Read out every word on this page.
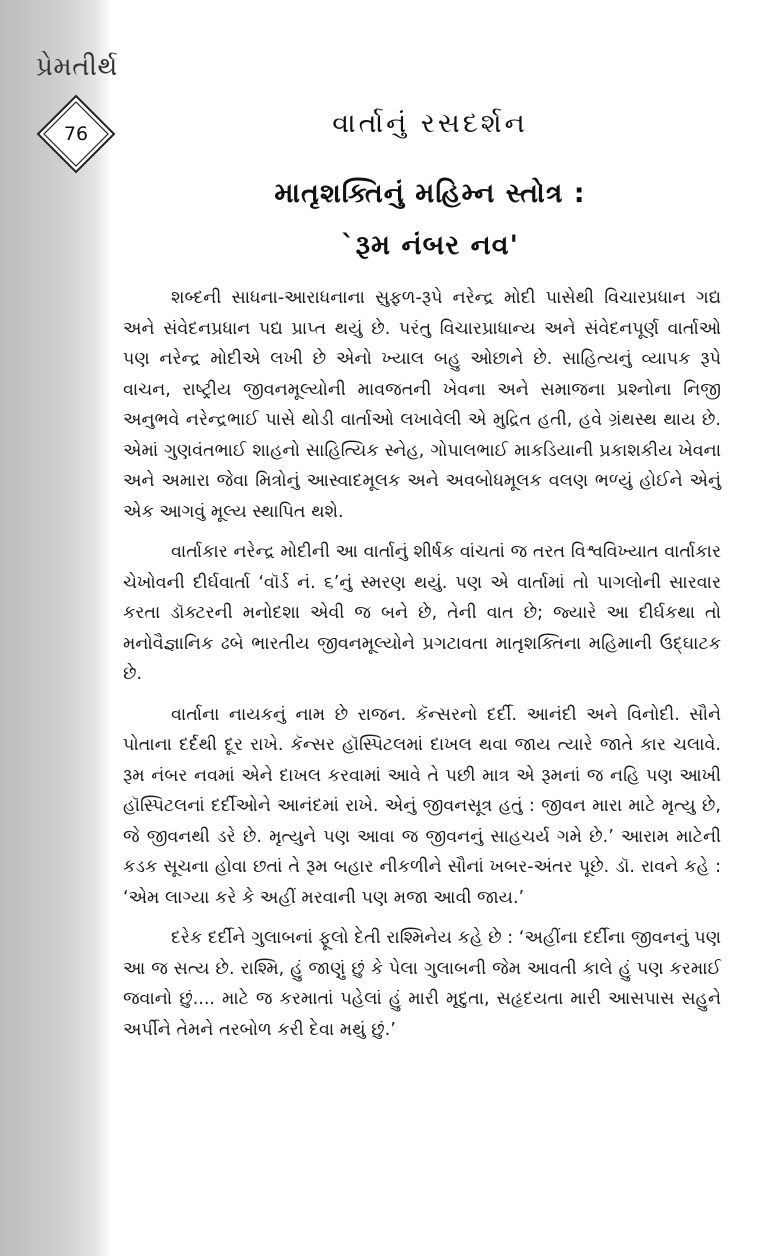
પ્રેમતીર્થ
76	વાર્તાનું રસદર્શન
માતૃશક્તિનું મહિમ્ન સ્તોત્ર :
`રૂમ નંબર નવ'

શબ્દની સાધના-આરાધનાના સુફળ-રૂપે નરેન્દ્ર મોદી પાસેથી વિચારપ્રધાન ગદ્ય અને સંવેદનપ્રધાન પદ્ય પ્રાપ્ત થયું છે. પરંતુ વિચારપ્રાધાન્ય અને સંવેદનપૂર્ણ વાર્તાઓ પણ નરેન્દ્ર મોદીએ લખી છે એનો ખ્યાલ બહુ ઓછાને છે. સાહિત્યનું વ્યાપક રૂપે વાચન, રાષ્ટ્રીય જીવનમૂલ્યોની માવજતની ખેવના અને સમાજના પ્રશ્નોના નિજી અનુભવે નરેન્દ્રભાઈ પાસે થોડી વાર્તાઓ લખાવેલી એ મુદ્રિત હતી, હવે ગ્રંથસ્થ થાય છે. એમાં ગુણવંતભાઈ શાહનો સાહિત્યિક સ્નેહ, ગોપાલભાઈ માકડિયાની પ્રકાશકીય ખેવના અને અમારા જેવા મિત્રોનું આસ્વાદમૂલક અને અવબોધમૂલક વલણ ભળ્યું હોઈને એનું એક આગવું મૂલ્ય સ્થાપિત થશે.

વાર્તાકાર નરેન્દ્ર મોદીની આ વાર્તાનું શીર્ષક વાંચતાં જ તરત વિશ્વવિખ્યાત વાર્તાકાર ચેખોવની દીર્ઘવાર્તા ‘વૉર્ડ નં. ૬’નું સ્મરણ થયું. પણ એ વાર્તામાં તો પાગલોની સારવાર કરતા ડૉક્ટરની મનોદશા એવી જ બને છે, તેની વાત છે; જ્યારે આ દીર્ઘકથા તો મનોવૈજ્ઞાનિક ઢબે ભારતીય જીવનમૂલ્યોને પ્રગટાવતા માતૃશક્તિના મહિમાની ઉદ્‌ઘાટક છે.

વાર્તાના નાયકનું નામ છે રાજન. કૅન્સરનો દર્દી. આનંદી અને વિનોદી. સૌને પોતાના દર્દથી દૂર રાખે. કૅન્સર હૉસ્પિટલમાં દાખલ થવા જાય ત્યારે જાતે કાર ચલાવે. રૂમ નંબર નવમાં એને દાખલ કરવામાં આવે તે પછી માત્ર એ રૂમનાં જ નહિ પણ આખી હૉસ્પિટલનાં દર્દીઓને આનંદમાં રાખે. એનું જીવનસૂત્ર હતું : જીવન મારા માટે મૃત્યુ છે, જે જીવનથી ડરે છે. મૃત્યુને પણ આવા જ જીવનનું સાહચર્ય ગમે છે.’ આરામ માટેની કડક સૂચના હોવા છતાં તે રૂમ બહાર નીકળીને સૌનાં ખબર-અંતર પૂછે. ડૉ. રાવને કહે : ‘એમ લાગ્યા કરે કે અહીં મરવાની પણ મજા આવી જાય.’

દરેક દર્દીને ગુલાબનાં ફૂલો દેતી રાશ્મિનેય કહે છે : ‘અહીંના દર્દીના જીવનનું પણ આ જ સત્ય છે. રાશ્મિ, હું જાણું છું કે પેલા ગુલાબની જેમ આવતી કાલે હું પણ કરમાઈ જવાનો છું.... માટે જ કરમાતાં પહેલાં હું મારી મૃદુતા, સહૃદયતા મારી આસપાસ સહુને અર્પીને તેમને તરબોળ કરી દેવા મથું છું.’
